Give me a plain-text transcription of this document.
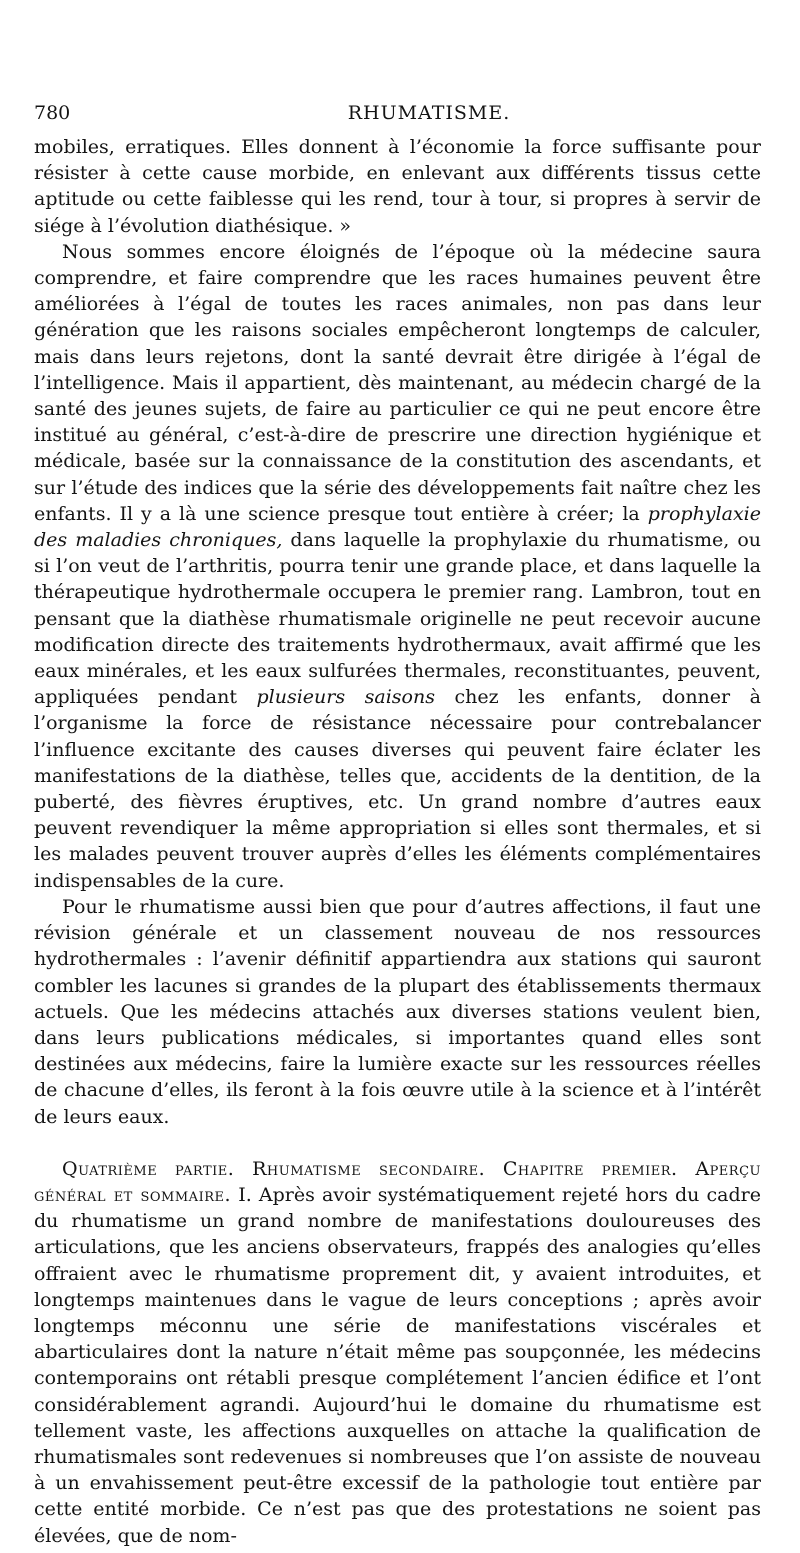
780	RHUMATISME.

mobiles, erratiques. Elles donnent à l’économie la force suffisante pour résister à cette cause morbide, en enlevant aux différents tissus cette aptitude ou cette faiblesse qui les rend, tour à tour, si propres à servir de siége à l’évolution diathésique. »

Nous sommes encore éloignés de l’époque où la médecine saura comprendre, et faire comprendre que les races humaines peuvent être améliorées à l’égal de toutes les races animales, non pas dans leur génération que les raisons sociales empêcheront longtemps de calculer, mais dans leurs rejetons, dont la santé devrait être dirigée à l’égal de l’intelligence. Mais il appartient, dès maintenant, au médecin chargé de la santé des jeunes sujets, de faire au particulier ce qui ne peut encore être institué au général, c’est-à-dire de prescrire une direction hygiénique et médicale, basée sur la connaissance de la constitution des ascendants, et sur l’étude des indices que la série des développements fait naître chez les enfants. Il y a là une science presque tout entière à créer; la prophylaxie des maladies chroniques, dans laquelle la prophylaxie du rhumatisme, ou si l’on veut de l’arthritis, pourra tenir une grande place, et dans laquelle la thérapeutique hydrothermale occupera le premier rang. Lambron, tout en pensant que la diathèse rhumatismale originelle ne peut recevoir aucune modification directe des traitements hydrothermaux, avait affirmé que les eaux minérales, et les eaux sulfurées thermales, reconstituantes, peuvent, appliquées pendant plusieurs saisons chez les enfants, donner à l’organisme la force de résistance nécessaire pour contrebalancer l’influence excitante des causes diverses qui peuvent faire éclater les manifestations de la diathèse, telles que, accidents de la dentition, de la puberté, des fièvres éruptives, etc. Un grand nombre d’autres eaux peuvent revendiquer la même appropriation si elles sont thermales, et si les malades peuvent trouver auprès d’elles les éléments complémentaires indispensables de la cure.

Pour le rhumatisme aussi bien que pour d’autres affections, il faut une révision générale et un classement nouveau de nos ressources hydrothermales : l’avenir définitif appartiendra aux stations qui sauront combler les lacunes si grandes de la plupart des établissements thermaux actuels. Que les médecins attachés aux diverses stations veulent bien, dans leurs publications médicales, si importantes quand elles sont destinées aux médecins, faire la lumière exacte sur les ressources réelles de chacune d’elles, ils feront à la fois œuvre utile à la science et à l’intérêt de leurs eaux.

Quatrième partie. Rhumatisme secondaire. Chapitre premier. Aperçu général et sommaire. I. Après avoir systématiquement rejeté hors du cadre du rhumatisme un grand nombre de manifestations douloureuses des articulations, que les anciens observateurs, frappés des analogies qu’elles offraient avec le rhumatisme proprement dit, y avaient introduites, et longtemps maintenues dans le vague de leurs conceptions ; après avoir longtemps méconnu une série de manifestations viscérales et abarticulaires dont la nature n’était même pas soupçonnée, les médecins contemporains ont rétabli presque complétement l’ancien édifice et l’ont considérablement agrandi. Aujourd’hui le domaine du rhumatisme est tellement vaste, les affections auxquelles on attache la qualification de rhumatismales sont redevenues si nombreuses que l’on assiste de nouveau à un envahissement peut-être excessif de la pathologie tout entière par cette entité morbide. Ce n’est pas que des protestations ne soient pas élevées, que de nom-
